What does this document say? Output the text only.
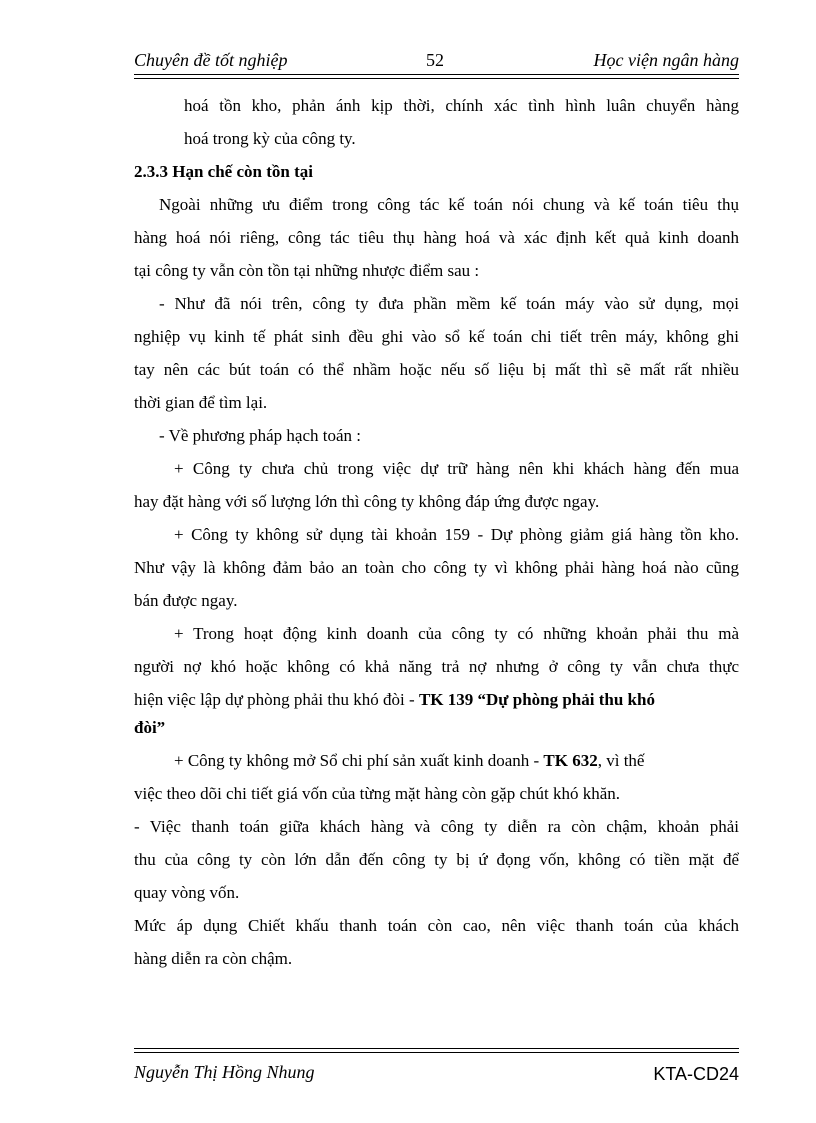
Chuyên đề tốt nghiệp	52	Học viện ngân hàng
hoá tồn kho, phản ánh kịp thời, chính xác tình hình luân chuyển hàng
hoá trong kỳ của công ty.
2.3.3 Hạn chế còn tồn tại
Ngoài những ưu điểm trong công tác kế toán nói chung và kế toán tiêu thụ
hàng hoá nói riêng, công tác tiêu thụ hàng hoá và xác định kết quả kinh doanh
tại công ty vẫn còn tồn tại những nhược điểm sau :
- Như đã nói trên, công ty đưa phần mềm kế toán máy vào sử dụng, mọi
nghiệp vụ kinh tế phát sinh đều ghi vào sổ kế toán chi tiết trên máy, không ghi
tay nên các bút toán có thể nhầm hoặc nếu số liệu bị mất thì sẽ mất rất nhiều
thời gian để tìm lại.
- Về phương pháp hạch toán :
+ Công ty chưa chủ trong việc dự trữ hàng nên khi khách hàng đến mua
hay đặt hàng với số lượng lớn thì công ty không đáp ứng được ngay.
+ Công ty không sử dụng tài khoản 159 - Dự phòng giảm giá hàng tồn kho.
Như vậy là không đảm bảo an toàn cho công ty vì không phải hàng hoá nào cũng
bán được ngay.
+ Trong hoạt động kinh doanh của công ty có những khoản phải thu mà
người nợ khó hoặc không có khả năng trả nợ nhưng ở công ty vẫn chưa thực
hiện việc lập dự phòng phải thu khó đòi - TK 139 “Dự phòng phải thu khó
đòi”
+ Công ty không mở Sổ chi phí sản xuất kinh doanh - TK 632, vì thế
việc theo dõi chi tiết giá vốn của từng mặt hàng còn gặp chút khó khăn.
- Việc thanh toán giữa khách hàng và công ty diễn ra còn chậm, khoản phải
thu của công ty còn lớn dẫn đến công ty bị ứ đọng vốn, không có tiền mặt để
quay vòng vốn.
Mức áp dụng Chiết khấu thanh toán còn cao, nên việc thanh toán của khách
hàng diễn ra còn chậm.
Nguyễn Thị Hồng Nhung	KTA-CD24
